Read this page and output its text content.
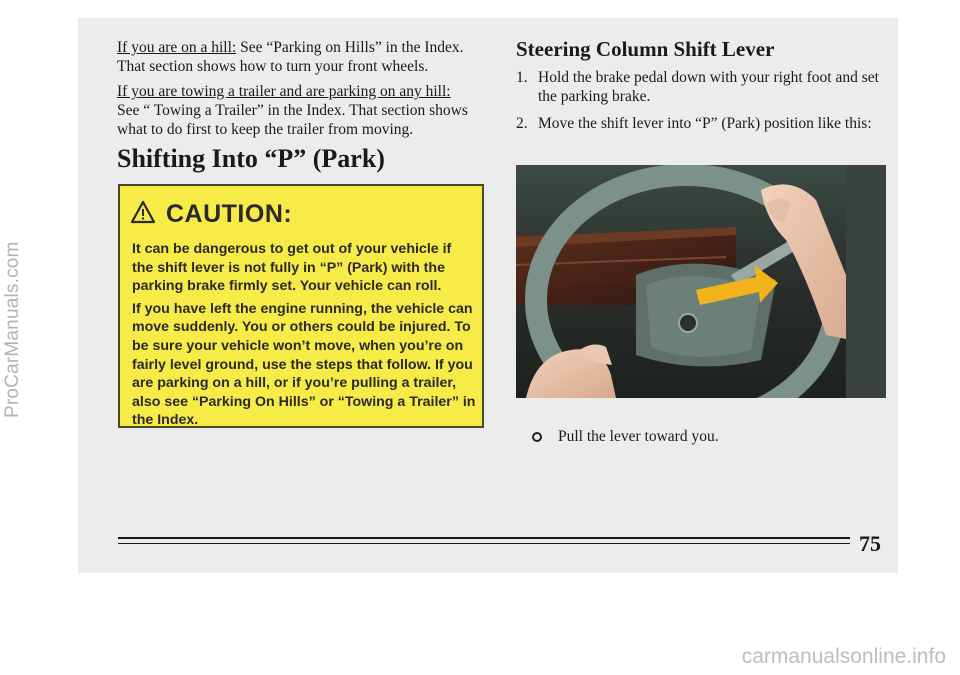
ProCarManuals.com
carmanualsonline.info

If you are on a hill: See “Parking on Hills” in the Index. That section shows how to turn your front wheels.

If you are towing a trailer and are parking on any hill:
See “ Towing a Trailer” in the Index. That section shows what to do first to keep the trailer from moving.

Shifting Into “P” (Park)
CAUTION:

It can be dangerous to get out of your vehicle if the shift lever is not fully in “P” (Park) with the parking brake firmly set. Your vehicle can roll.

If you have left the engine running, the vehicle can move suddenly. You or others could be injured. To be sure your vehicle won’t move, when you’re on fairly level ground, use the steps that follow. If you are parking on a hill, or if you’re pulling a trailer, also see “Parking On Hills” or “Towing a Trailer” in the Index.

Steering Column Shift Lever
1. Hold the brake pedal down with your right foot and set the parking brake.
2. Move the shift lever into “P” (Park) position like this:
Pull the lever toward you.
75
